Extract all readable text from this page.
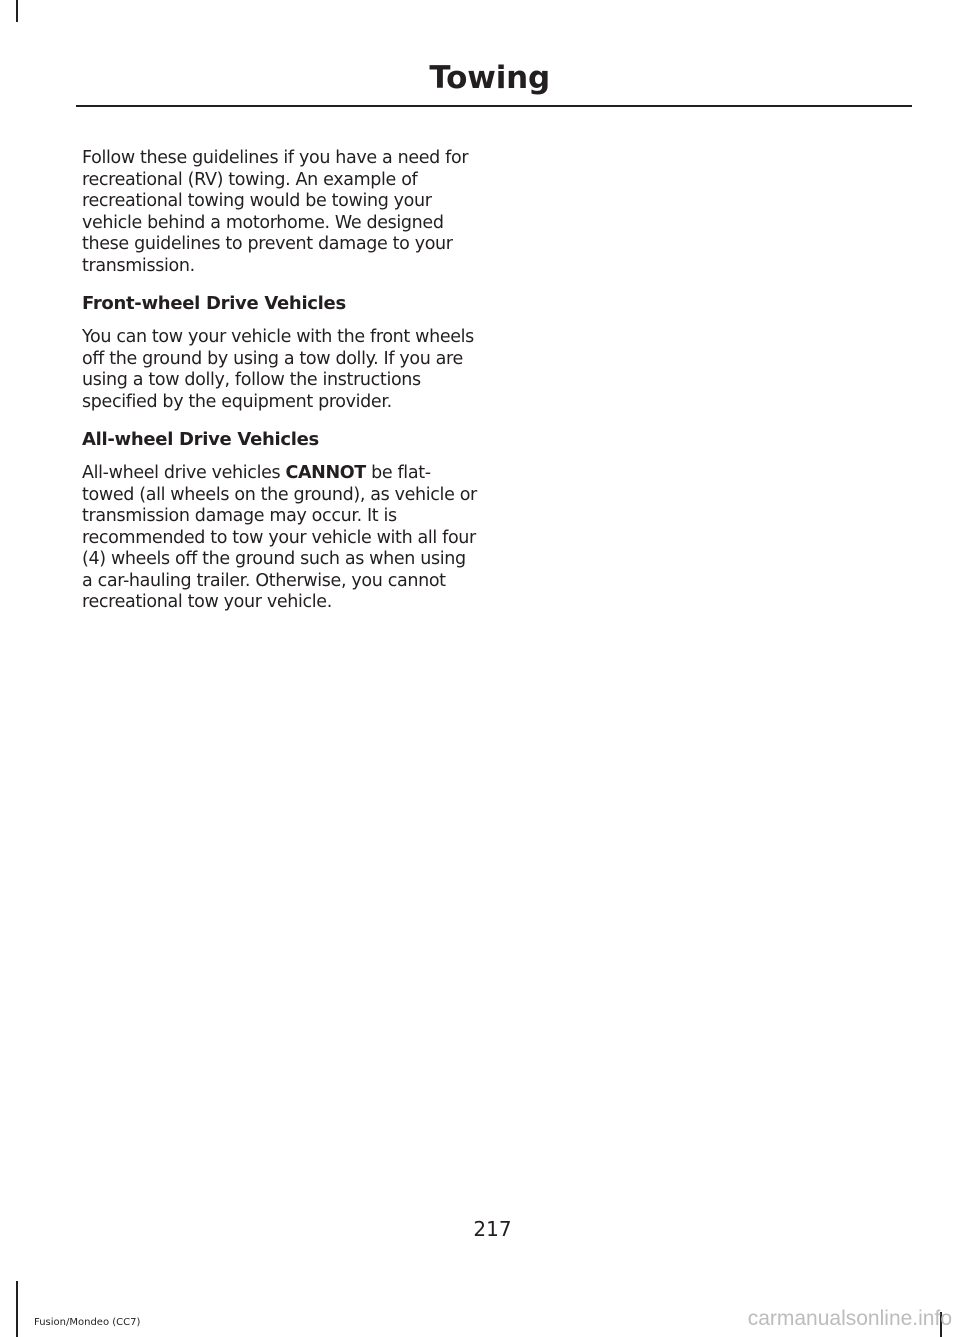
Towing

Follow these guidelines if you have a need for recreational (RV) towing. An example of recreational towing would be towing your vehicle behind a motorhome. We designed these guidelines to prevent damage to your transmission.

Front-wheel Drive Vehicles

You can tow your vehicle with the front wheels off the ground by using a tow dolly. If you are using a tow dolly, follow the instructions specified by the equipment provider.

All-wheel Drive Vehicles

All-wheel drive vehicles CANNOT be flat-towed (all wheels on the ground), as vehicle or transmission damage may occur. It is recommended to tow your vehicle with all four (4) wheels off the ground such as when using a car-hauling trailer. Otherwise, you cannot recreational tow your vehicle.

217
Fusion/Mondeo (CC7)	carmanualsonline.info
